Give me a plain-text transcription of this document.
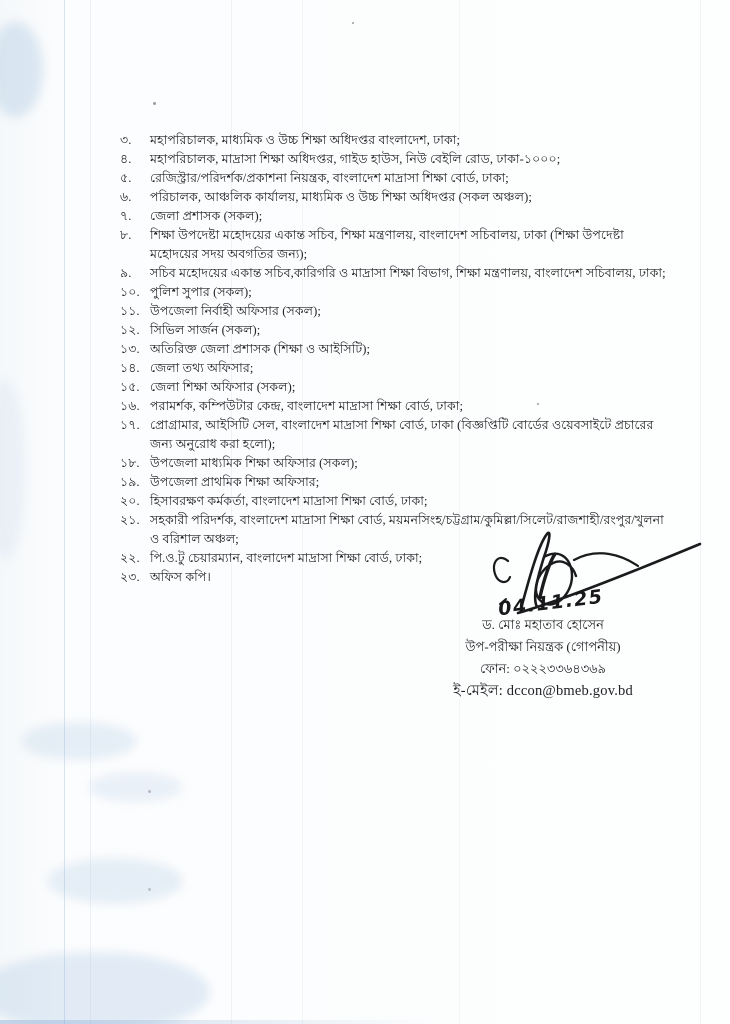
৩. মহাপরিচালক, মাধ্যমিক ও উচ্চ শিক্ষা অধিদপ্তর বাংলাদেশ, ঢাকা;
৪. মহাপরিচালক, মাদ্রাসা শিক্ষা অধিদপ্তর, গাইড হাউস, নিউ বেইলি রোড, ঢাকা-১০০০;
৫. রেজিস্ট্রার/পরিদর্শক/প্রকাশনা নিয়ন্ত্রক, বাংলাদেশ মাদ্রাসা শিক্ষা বোর্ড, ঢাকা;
৬. পরিচালক, আঞ্চলিক কার্যালয়, মাধ্যমিক ও উচ্চ শিক্ষা অধিদপ্তর (সকল অঞ্চল);
৭. জেলা প্রশাসক (সকল);
৮. শিক্ষা উপদেষ্টা মহোদয়ের একান্ত সচিব, শিক্ষা মন্ত্রণালয়, বাংলাদেশ সচিবালয়, ঢাকা (শিক্ষা উপদেষ্টা মহোদয়ের সদয় অবগতির জন্য);
৯. সচিব মহোদয়ের একান্ত সচিব,কারিগরি ও মাদ্রাসা শিক্ষা বিভাগ, শিক্ষা মন্ত্রণালয়, বাংলাদেশ সচিবালয়, ঢাকা;
১০. পুলিশ সুপার (সকল);
১১. উপজেলা নির্বাহী অফিসার (সকল);
১২. সিভিল সার্জন (সকল);
১৩. অতিরিক্ত জেলা প্রশাসক (শিক্ষা ও আইসিটি);
১৪. জেলা তথ্য অফিসার;
১৫. জেলা শিক্ষা অফিসার (সকল);
১৬. পরামর্শক, কম্পিউটার কেন্দ্র, বাংলাদেশ মাদ্রাসা শিক্ষা বোর্ড, ঢাকা;
১৭. প্রোগ্রামার, আইসিটি সেল, বাংলাদেশ মাদ্রাসা শিক্ষা বোর্ড, ঢাকা (বিজ্ঞপ্তিটি বোর্ডের ওয়েবসাইটে প্রচারের জন্য অনুরোধ করা হলো);
১৮. উপজেলা মাধ্যমিক শিক্ষা অফিসার (সকল);
১৯. উপজেলা প্রাথমিক শিক্ষা অফিসার;
২০. হিসাবরক্ষণ কর্মকর্তা, বাংলাদেশ মাদ্রাসা শিক্ষা বোর্ড, ঢাকা;
২১. সহকারী পরিদর্শক, বাংলাদেশ মাদ্রাসা শিক্ষা বোর্ড, ময়মনসিংহ/চট্টগ্রাম/কুমিল্লা/সিলেট/রাজশাহী/রংপুর/খুলনা ও বরিশাল অঞ্চল;
২২. পি.ও.টু চেয়ারম্যান, বাংলাদেশ মাদ্রাসা শিক্ষা বোর্ড, ঢাকা;
২৩. অফিস কপি।
04.11.25
ড. মোঃ মহাতাব হোসেন
উপ-পরীক্ষা নিয়ন্ত্রক (গোপনীয়)
ফোন: ০২২২৩৩৬৪৩৬৯
ই-মেইল: dccon@bmeb.gov.bd
